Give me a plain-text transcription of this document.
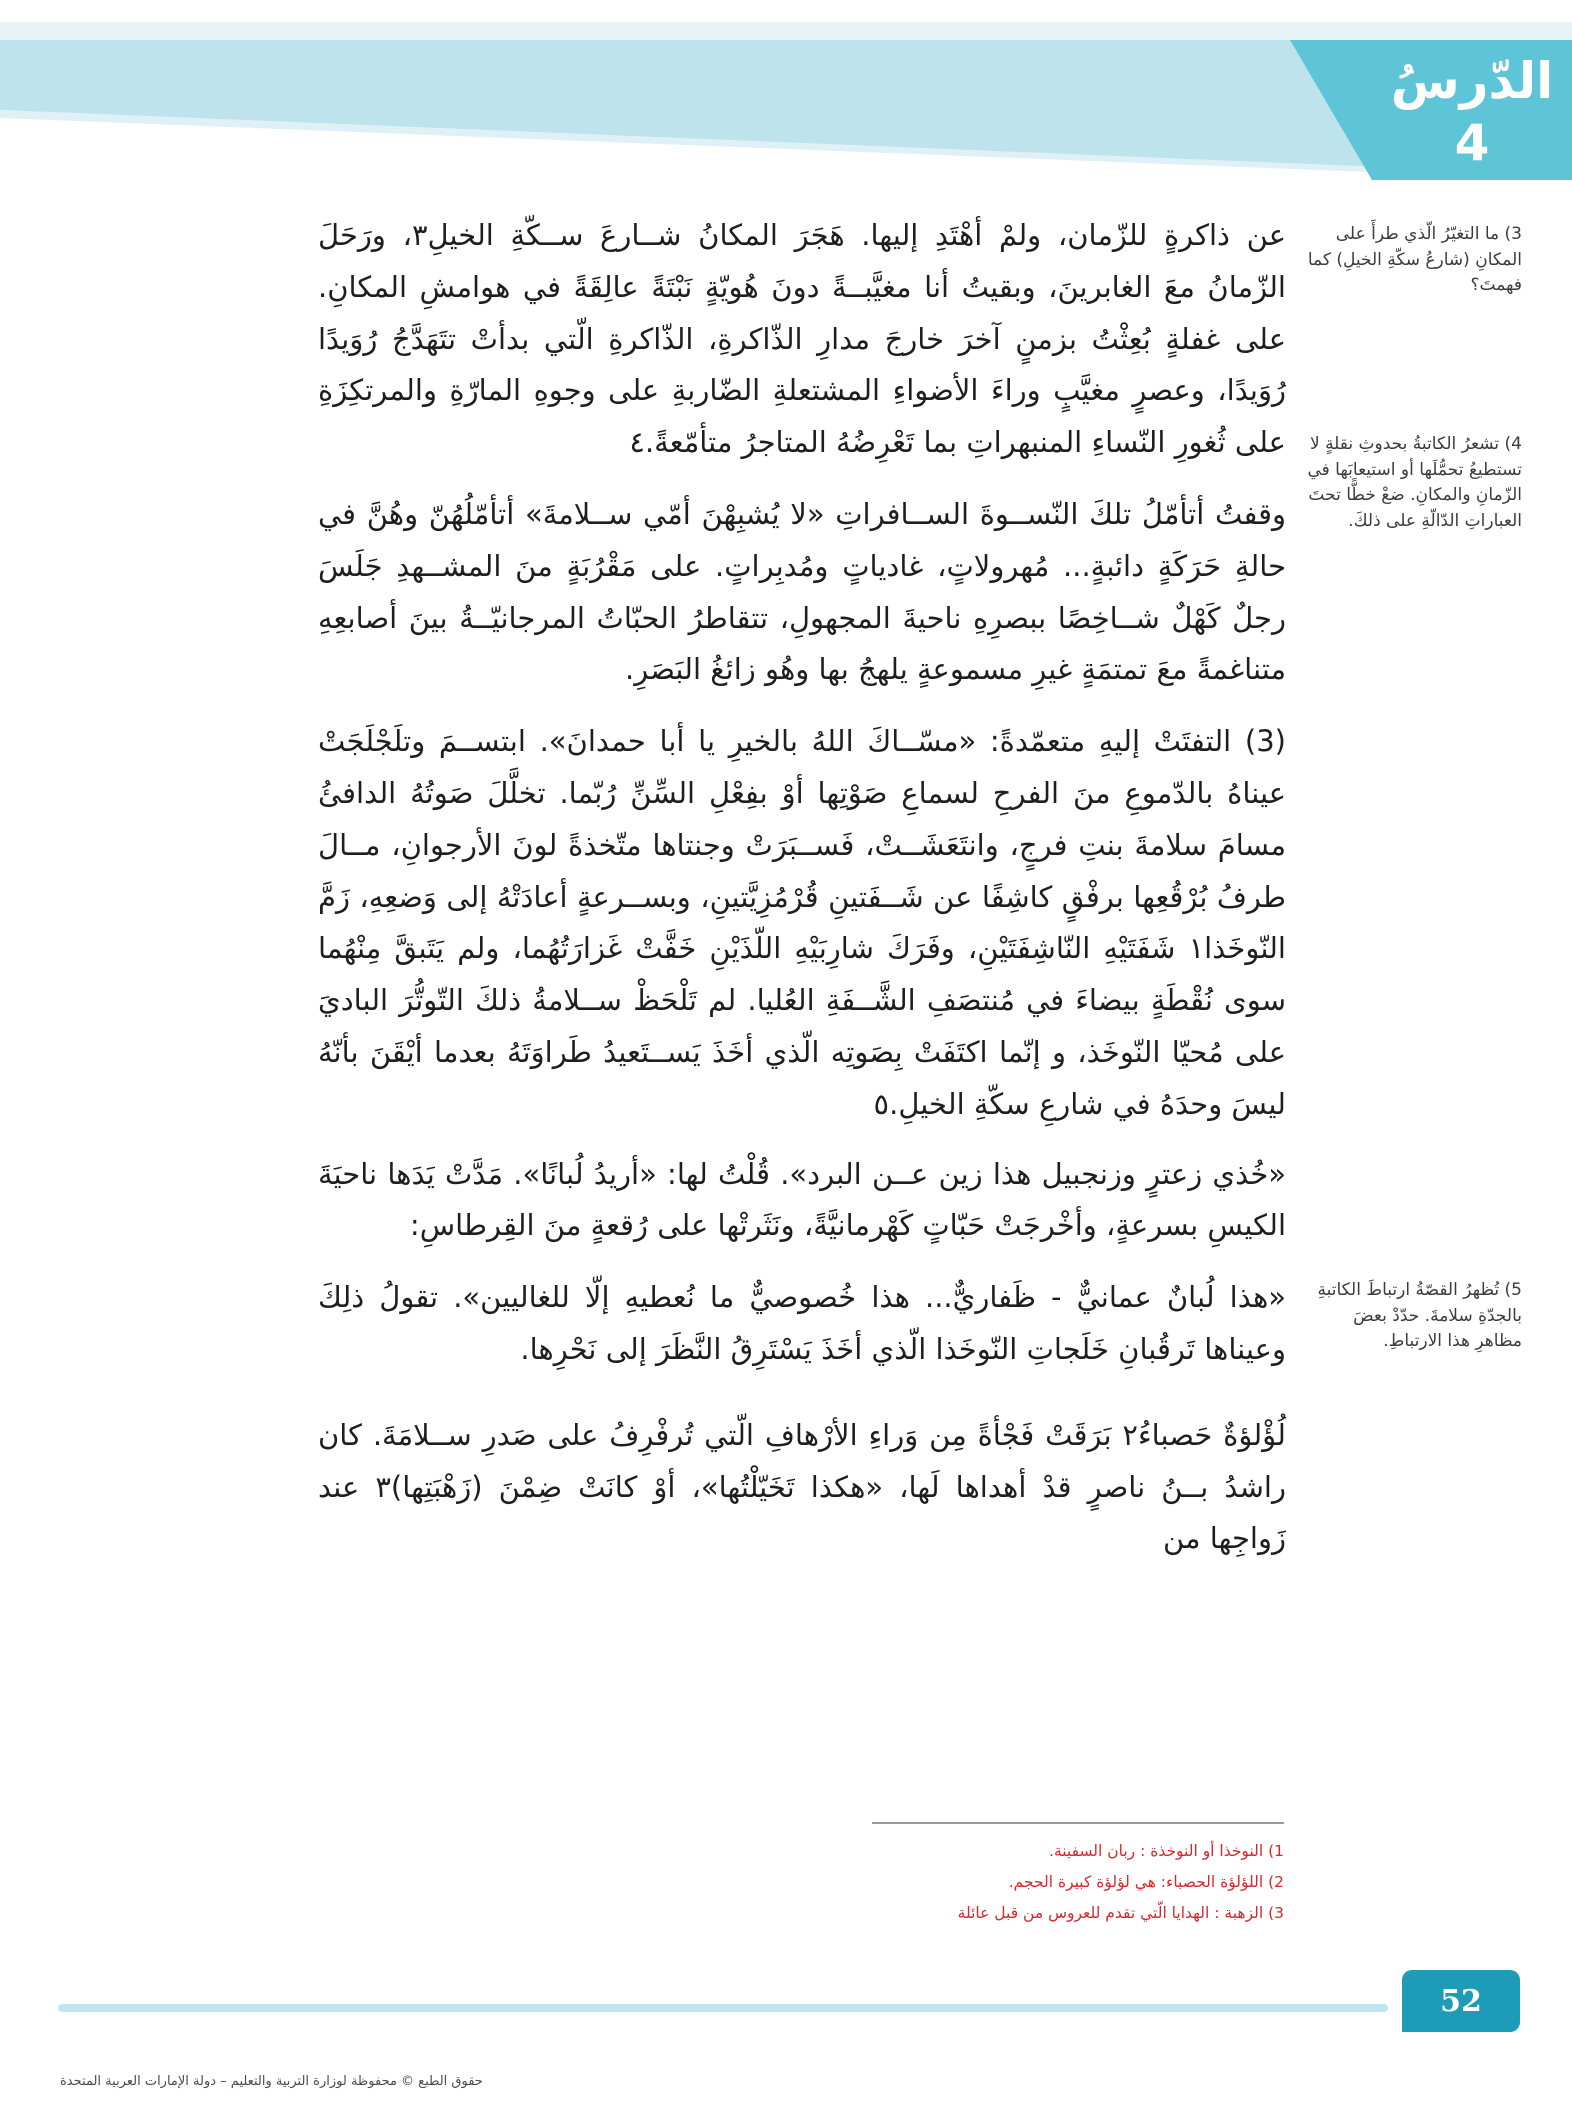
الدّرسُ
4

عن ذاكرةٍ للزّمان، ولمْ أهْتَدِ إليها. هَجَرَ المكانُ شــارعَ ســكّةِ الخيلِ٣، ورَحَلَ الزّمانُ معَ الغابرينَ، وبقيتُ أنا مغيَّبــةً دونَ هُويّةٍ نَبْتَةً عالِقَةً في هوامشِ المكانِ. على غفلةٍ بُعِثْتُ بزمنٍ آخرَ خارجَ مدارِ الذّاكرةِ، الذّاكرةِ الّتي بدأتْ تتَهَدَّجُ رُوَيدًا رُوَيدًا، وعصرٍ مغيَّبٍ وراءَ الأضواءِ المشتعلةِ الضّاربةِ على وجوهِ المارّةِ والمرتكِزَةِ على ثُغورِ النّساءِ المنبهراتِ بما تَعْرِضُهُ المتاجرُ متأمّعةً.٤

وقفتُ أتأمّلُ تلكَ النّســوةَ الســافراتِ «لا يُشبِهْنَ أمّي ســلامةَ» أتأمّلُهُنّ وهُنَّ في حالةِ حَرَكَةٍ دائبةٍ... مُهرولاتٍ، غادياتٍ ومُدبِراتٍ. على مَقْرُبَةٍ منَ المشــهدِ جَلَسَ رجلٌ كَهْلٌ شــاخِصًا ببصرِهِ ناحيةَ المجهولِ، تتقاطرُ الحبّاتُ المرجانيّــةُ بينَ أصابعِهِ متناغمةً معَ تمتمَةٍ غيرِ مسموعةٍ يلهجُ بها وهُو زائغُ البَصَرِ.

(3) التفتَتْ إليهِ متعمّدةً: «مسّــاكَ اللهُ بالخيرِ يا أبا حمدانَ». ابتســمَ وتلَجْلَجَتْ عيناهُ بالدّموعِ منَ الفرحِ لسماعِ صَوْتِها أوْ بفِعْلِ السِّنِّ رُبّما. تخلَّلَ صَوتُهُ الدافئُ مسامَ سلامةَ بنتِ فرجٍ، وانتَعَشَــتْ، فَســبَرَتْ وجنتاها متّخذةً لونَ الأرجوانِ، مــالَ طرفُ بُرْقُعِها برفْقٍ كاشِفًا عن شَــفَتينِ قُرْمُزِيَّتينِ، وبســرعةٍ أعادَتْهُ إلى وَضعِهِ، زَمَّ النّوخَذا١ شَفَتَيْهِ النّاشِفَتَيْنِ، وفَرَكَ شارِبَيْهِ اللّذَيْنِ خَفَّتْ غَزارَتُهُما، ولم يَتَبقَّ مِنْهُما سوى نُقْطَةٍ بيضاءَ في مُنتصَفِ الشَّــفَةِ العُليا. لم تَلْحَظْ ســلامةُ ذلكَ التّوتُّرَ الباديَ على مُحيّا النّوخَذ، و إنّما اكتَفَتْ بِصَوتِه الّذي أخَذَ يَســتَعيدُ طَراوَتَهُ بعدما أيْقَنَ بأنّهُ ليسَ وحدَهُ في شارعِ سكّةِ الخيلِ.٥

«خُذي زعترٍ وزنجبيل هذا زين عــن البرد». قُلْتُ لها: «أريدُ لُبانًا». مَدَّتْ يَدَها ناحيَةَ الكيسِ بسرعةٍ، وأخْرجَتْ حَبّاتٍ كَهْرمانيَّةً، ونَثَرتْها على رُقعةٍ منَ القِرطاسِ:

«هذا لُبانٌ عمانيٌّ - ظَفاريٌّ... هذا خُصوصيٌّ ما نُعطيهِ إلّا للغاليين». تقولُ ذلِكَ وعيناها تَرقُبانِ خَلَجاتِ النّوخَذا الّذي أخَذَ يَسْتَرِقُ النَّظَرَ إلى نَحْرِها.

لُؤْلؤةٌ حَصباءُ٢ بَرَقَتْ فَجْأةً مِن وَراءِ الأرْهافِ الّتي تُرفْرِفُ على صَدرِ ســلامَةَ. كان راشدُ بــنُ ناصرٍ قدْ أهداها لَها، «هكذا تَخَيّلْتُها»، أوْ كانَتْ ضِمْنَ (زَهْبَتِها)٣ عند زَواجِها من

3) ما التغيّرُ الّذي طرأَ على المكانِ (شارعُ سكّةِ الخيلِ) كما فهمتَ؟
4) تشعرُ الكاتبةُ بحدوثِ نقلةٍ لا تستطيعُ تحمُّلَها أو استيعابَها في الزّمانِ والمكانِ. ضعْ خطًّا تحتَ العباراتِ الدّالّةِ على ذلكَ.
5) تُظهرُ القصّةُ ارتباطَ الكاتبةِ بالجدّةِ سلامةَ. حدّدْ بعضَ مظاهرِ هذا الارتباطِ.
1) النوخذا أو النوخذة : ربان السفينة.
2) اللؤلؤة الحصباء: هي لؤلؤة كبيرة الحجم.
3) الزهبة : الهدايا الّتي تقدم للعروس من قبل عائلة
52
حقوق الطبع © محفوظة لوزارة التربية والتعليم – دولة الإمارات العربية المتحدة
